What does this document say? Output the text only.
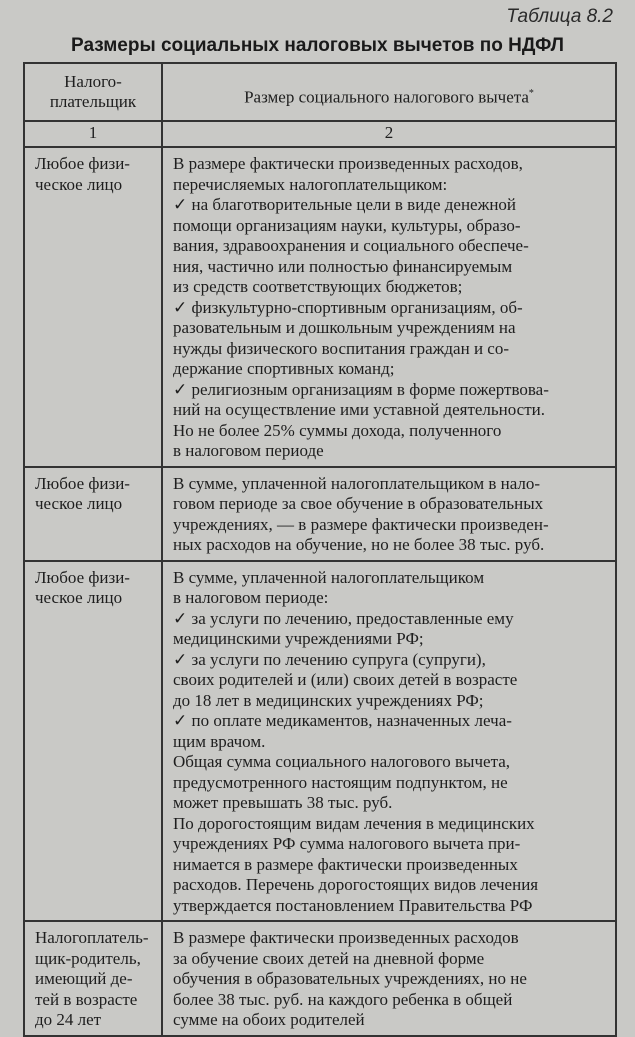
Таблица 8.2
Размеры социальных налоговых вычетов по НДФЛ
Налого-
плательщик	Размер социального налогового вычета*
1	2
Любое физи-
ческое лицо

В размере фактически произведенных расходов,
перечисляемых налогоплательщиком:
✓ на благотворительные цели в виде денежной
помощи организациям науки, культуры, образо-
вания, здравоохранения и социального обеспече-
ния, частично или полностью финансируемым
из средств соответствующих бюджетов;
✓ физкультурно-спортивным организациям, об-
разовательным и дошкольным учреждениям на
нужды физического воспитания граждан и со-
держание спортивных команд;
✓ религиозным организациям в форме пожертвова-
ний на осуществление ими уставной деятельности.
Но не более 25% суммы дохода, полученного
в налоговом периоде

Любое физи-
ческое лицо

В сумме, уплаченной налогоплательщиком в нало-
говом периоде за свое обучение в образовательных
учреждениях, — в размере фактически произведен-
ных расходов на обучение, но не более 38 тыс. руб.

Любое физи-
ческое лицо

В сумме, уплаченной налогоплательщиком
в налоговом периоде:
✓ за услуги по лечению, предоставленные ему
медицинскими учреждениями РФ;
✓ за услуги по лечению супруга (супруги),
своих родителей и (или) своих детей в возрасте
до 18 лет в медицинских учреждениях РФ;
✓ по оплате медикаментов, назначенных леча-
щим врачом.
Общая сумма социального налогового вычета,
предусмотренного настоящим подпунктом, не
может превышать 38 тыс. руб.
По дорогостоящим видам лечения в медицинских
учреждениях РФ сумма налогового вычета при-
нимается в размере фактически произведенных
расходов. Перечень дорогостоящих видов лечения
утверждается постановлением Правительства РФ

Налогоплатель-
щик-родитель,
имеющий де-
тей в возрасте
до 24 лет

В размере фактически произведенных расходов
за обучение своих детей на дневной форме
обучения в образовательных учреждениях, но не
более 38 тыс. руб. на каждого ребенка в общей
сумме на обоих родителей
